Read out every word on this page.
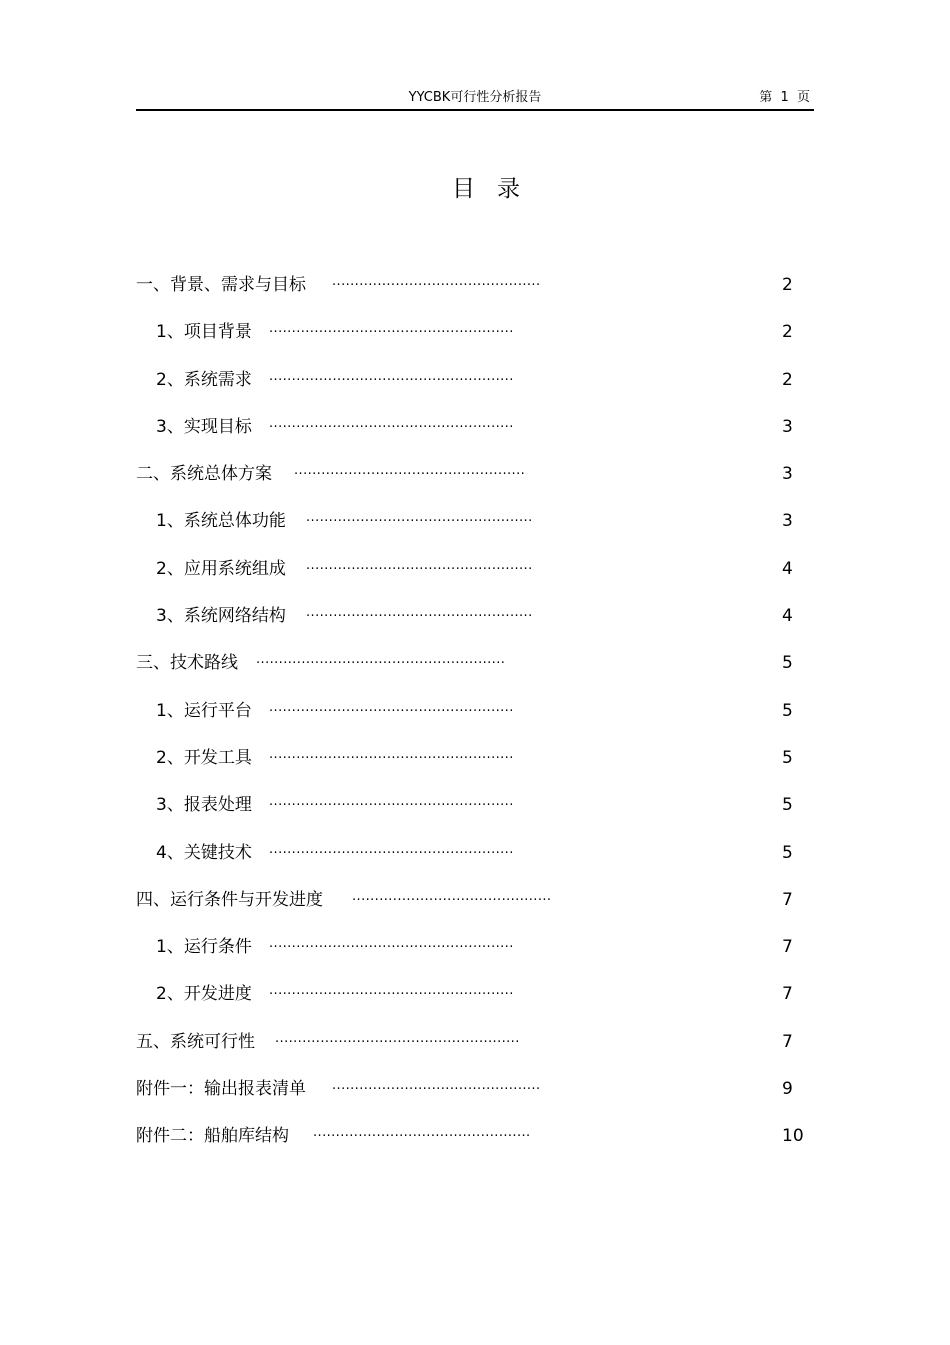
YYCBK可行性分析报告	第  1  页
目   录
一、背景、需求与目标 ..............................................	2
1、项目背景 ......................................................	2
2、系统需求 ......................................................	2
3、实现目标 ......................................................	3
二、系统总体方案 ...................................................	3
1、系统总体功能 ..................................................	3
2、应用系统组成 ..................................................	4
3、系统网络结构 ..................................................	4
三、技术路线 .......................................................	5
1、运行平台 ......................................................	5
2、开发工具 ......................................................	5
3、报表处理 ......................................................	5
4、关键技术 ......................................................	5
四、运行条件与开发进度 ............................................	7
1、运行条件 ......................................................	7
2、开发进度 ......................................................	7
五、系统可行性 ......................................................	7
附件一：输出报表清单 ..............................................	9
附件二：船舶库结构 ................................................	10
